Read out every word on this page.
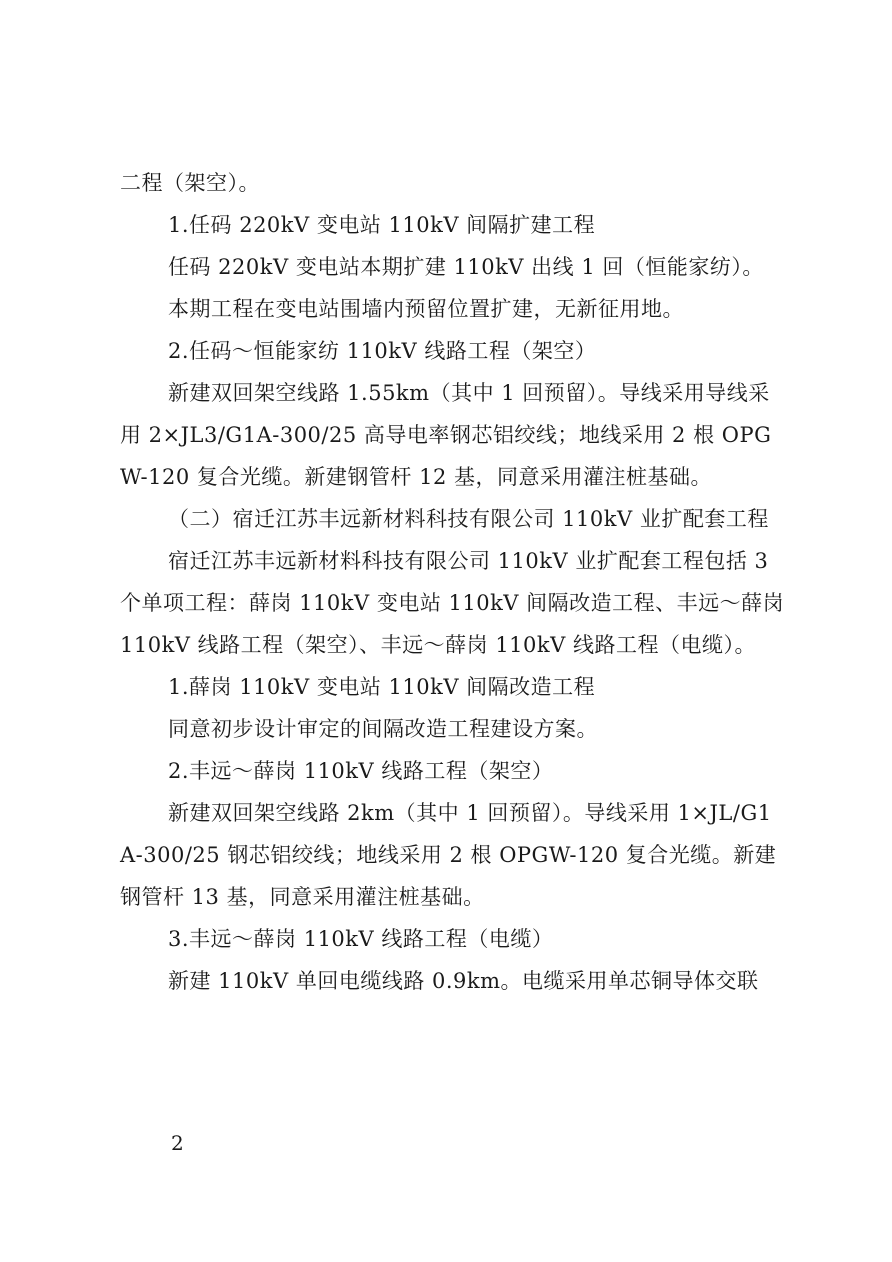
二程（架空）。

1.任码 220kV 变电站 110kV 间隔扩建工程

任码 220kV 变电站本期扩建 110kV 出线 1 回（恒能家纺）。

本期工程在变电站围墙内预留位置扩建，无新征用地。

2.任码～恒能家纺 110kV 线路工程（架空）

新建双回架空线路 1.55km（其中 1 回预留）。导线采用导线采用 2×JL3/G1A-300/25 高导电率钢芯铝绞线；地线采用 2 根 OPGW-120 复合光缆。新建钢管杆 12 基，同意采用灌注桩基础。

（二）宿迁江苏丰远新材料科技有限公司 110kV 业扩配套工程

宿迁江苏丰远新材料科技有限公司 110kV 业扩配套工程包括 3 个单项工程：薛岗 110kV 变电站 110kV 间隔改造工程、丰远～薛岗 110kV 线路工程（架空）、丰远～薛岗 110kV 线路工程（电缆）。

1.薛岗 110kV 变电站 110kV 间隔改造工程

同意初步设计审定的间隔改造工程建设方案。

2.丰远～薛岗 110kV 线路工程（架空）

新建双回架空线路 2km（其中 1 回预留）。导线采用 1×JL/G1A-300/25 钢芯铝绞线；地线采用 2 根 OPGW-120 复合光缆。新建钢管杆 13 基，同意采用灌注桩基础。

3.丰远～薛岗 110kV 线路工程（电缆）

新建 110kV 单回电缆线路 0.9km。电缆采用单芯铜导体交联

2
